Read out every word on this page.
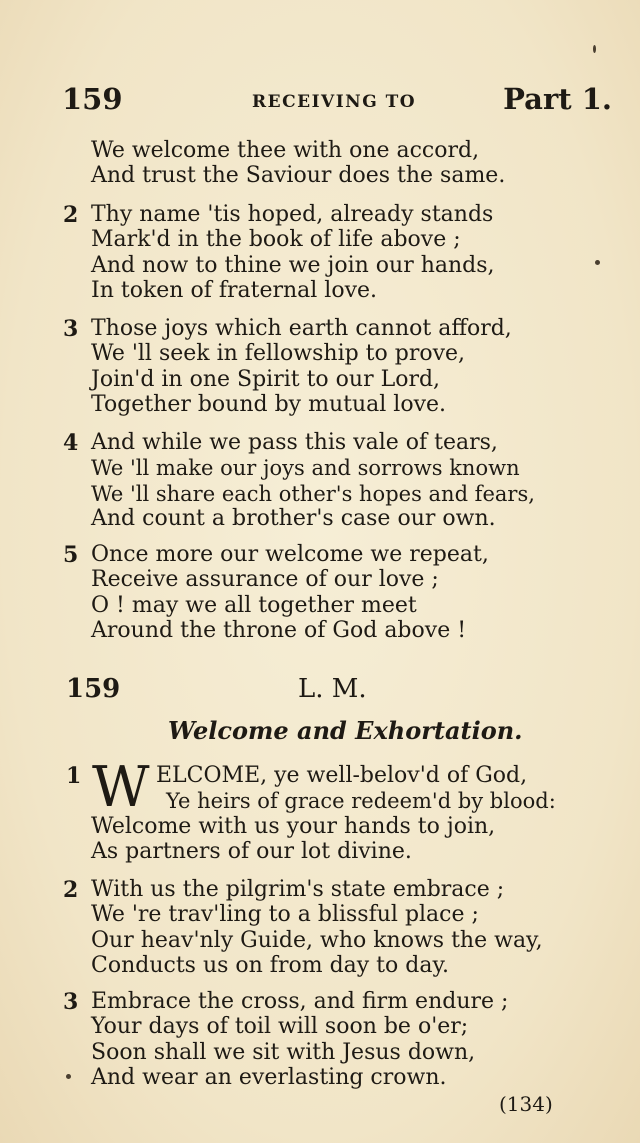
159	RECEIVING TO	Part 1.
We welcome thee with one accord,
And trust the Saviour does the same.
2 Thy name 'tis hoped, already stands
Mark'd in the book of life above ;
And now to thine we join our hands,
In token of fraternal love.
3 Those joys which earth cannot afford,
We 'll seek in fellowship to prove,
Join'd in one Spirit to our Lord,
Together bound by mutual love.
4 And while we pass this vale of tears,
We 'll make our joys and sorrows known
We 'll share each other's hopes and fears,
And count a brother's case our own.
5 Once more our welcome we repeat,
Receive assurance of our love ;
O ! may we all together meet
Around the throne of God above !
159	L. M.
Welcome and Exhortation.
1 W ELCOME, ye well-belov'd of God,
Ye heirs of grace redeem'd by blood:
Welcome with us your hands to join,
As partners of our lot divine.
2 With us the pilgrim's state embrace ;
We 're trav'ling to a blissful place ;
Our heav'nly Guide, who knows the way,
Conducts us on from day to day.
3 Embrace the cross, and firm endure ;
Your days of toil will soon be o'er;
Soon shall we sit with Jesus down,
And wear an everlasting crown.
(134)
